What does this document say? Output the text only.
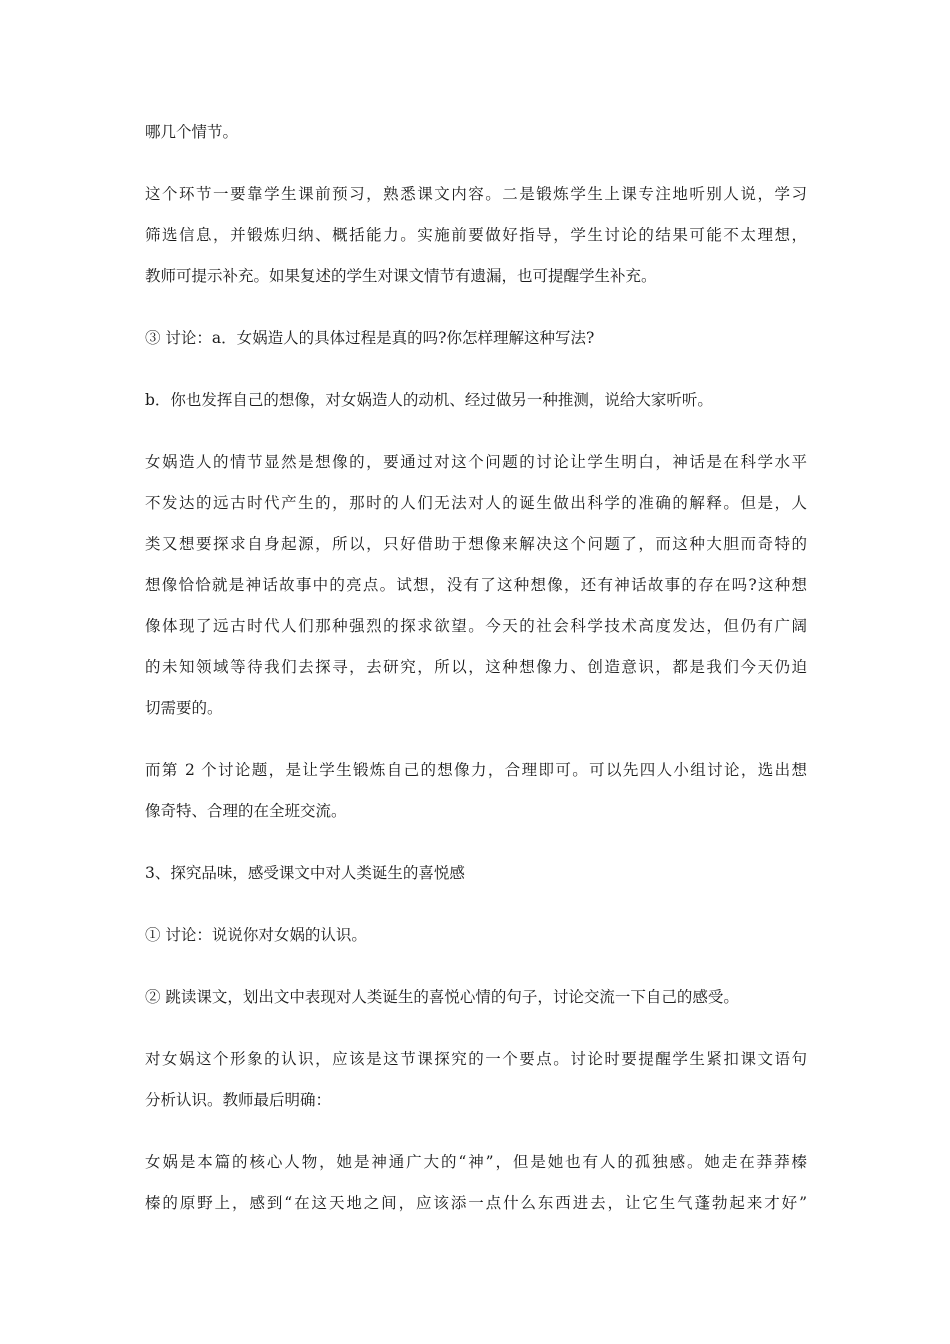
哪几个情节。
这个环节一要靠学生课前预习，熟悉课文内容。二是锻炼学生上课专注地听别人说，学习
筛选信息，并锻炼归纳、概括能力。实施前要做好指导，学生讨论的结果可能不太理想，
教师可提示补充。如果复述的学生对课文情节有遗漏，也可提醒学生补充。
③ 讨论：a．女娲造人的具体过程是真的吗?你怎样理解这种写法?
b．你也发挥自己的想像，对女娲造人的动机、经过做另一种推测，说给大家听听。
女娲造人的情节显然是想像的，要通过对这个问题的讨论让学生明白，神话是在科学水平
不发达的远古时代产生的，那时的人们无法对人的诞生做出科学的准确的解释。但是，人
类又想要探求自身起源，所以，只好借助于想像来解决这个问题了，而这种大胆而奇特的
想像恰恰就是神话故事中的亮点。试想，没有了这种想像，还有神话故事的存在吗?这种想
像体现了远古时代人们那种强烈的探求欲望。今天的社会科学技术高度发达，但仍有广阔
的未知领域等待我们去探寻，去研究，所以，这种想像力、创造意识，都是我们今天仍迫
切需要的。
而第 2 个讨论题，是让学生锻炼自己的想像力，合理即可。可以先四人小组讨论，选出想
像奇特、合理的在全班交流。
3、探究品味，感受课文中对人类诞生的喜悦感
① 讨论：说说你对女娲的认识。
② 跳读课文，划出文中表现对人类诞生的喜悦心情的句子，讨论交流一下自己的感受。
对女娲这个形象的认识，应该是这节课探究的一个要点。讨论时要提醒学生紧扣课文语句
分析认识。教师最后明确：
女娲是本篇的核心人物，她是神通广大的“神”，但是她也有人的孤独感。她走在莽莽榛
榛的原野上，感到“在这天地之间，应该添一点什么东西进去，让它生气蓬勃起来才好”
